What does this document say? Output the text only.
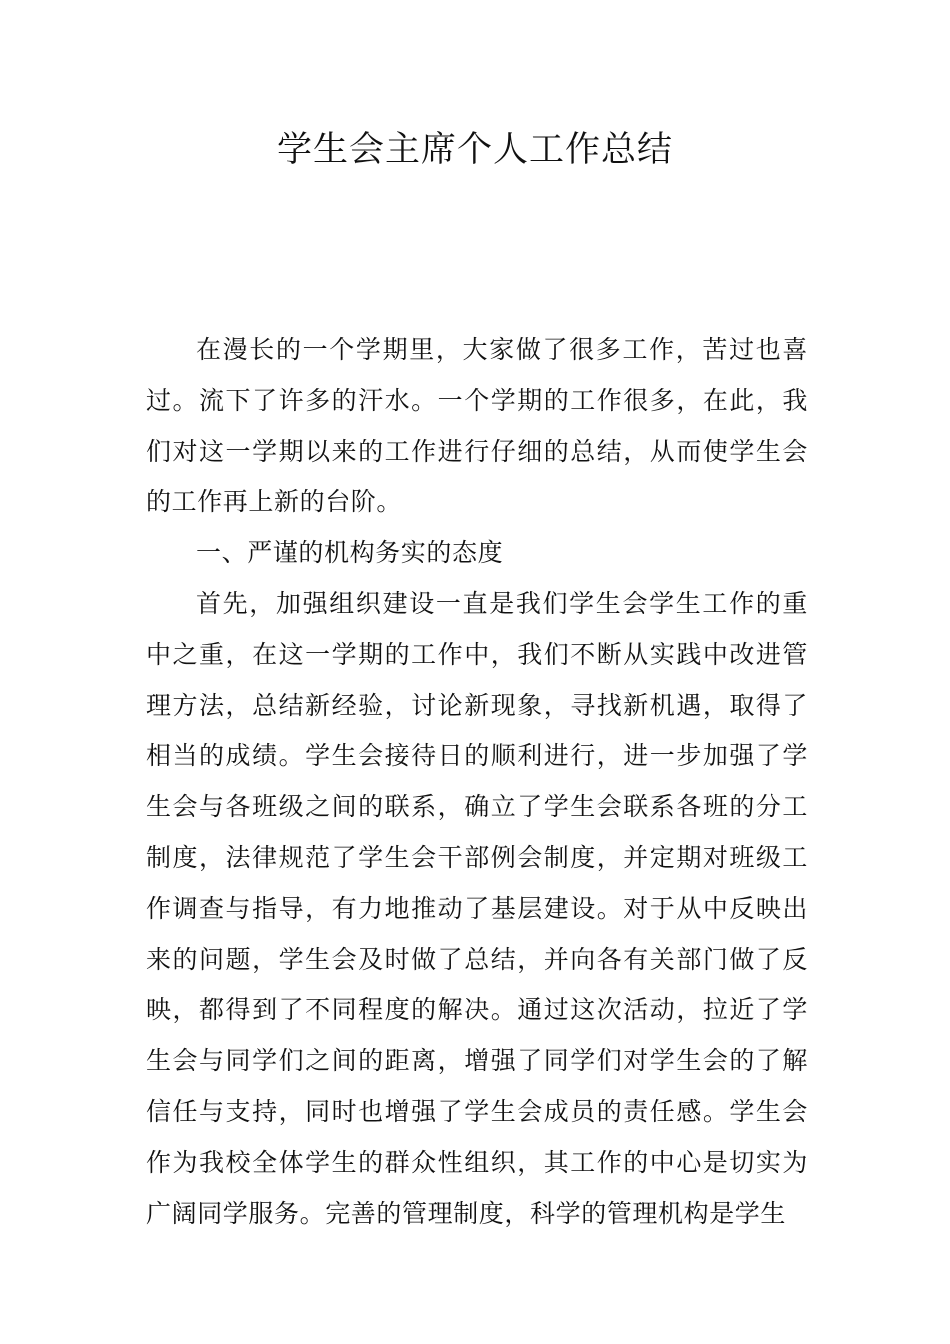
学生会主席个人工作总结

在漫长的一个学期里，大家做了很多工作，苦过也喜过。流下了许多的汗水。一个学期的工作很多，在此，我们对这一学期以来的工作进行仔细的总结，从而使学生会的工作再上新的台阶。

一、严谨的机构务实的态度

首先，加强组织建设一直是我们学生会学生工作的重中之重，在这一学期的工作中，我们不断从实践中改进管理方法，总结新经验，讨论新现象，寻找新机遇，取得了相当的成绩。学生会接待日的顺利进行，进一步加强了学生会与各班级之间的联系，确立了学生会联系各班的分工制度，法律规范了学生会干部例会制度，并定期对班级工作调查与指导，有力地推动了基层建设。对于从中反映出来的问题，学生会及时做了总结，并向各有关部门做了反映，都得到了不同程度的解决。通过这次活动，拉近了学生会与同学们之间的距离，增强了同学们对学生会的了解信任与支持，同时也增强了学生会成员的责任感。学生会作为我校全体学生的群众性组织，其工作的中心是切实为广阔同学服务。完善的管理制度，科学的管理机构是学生
